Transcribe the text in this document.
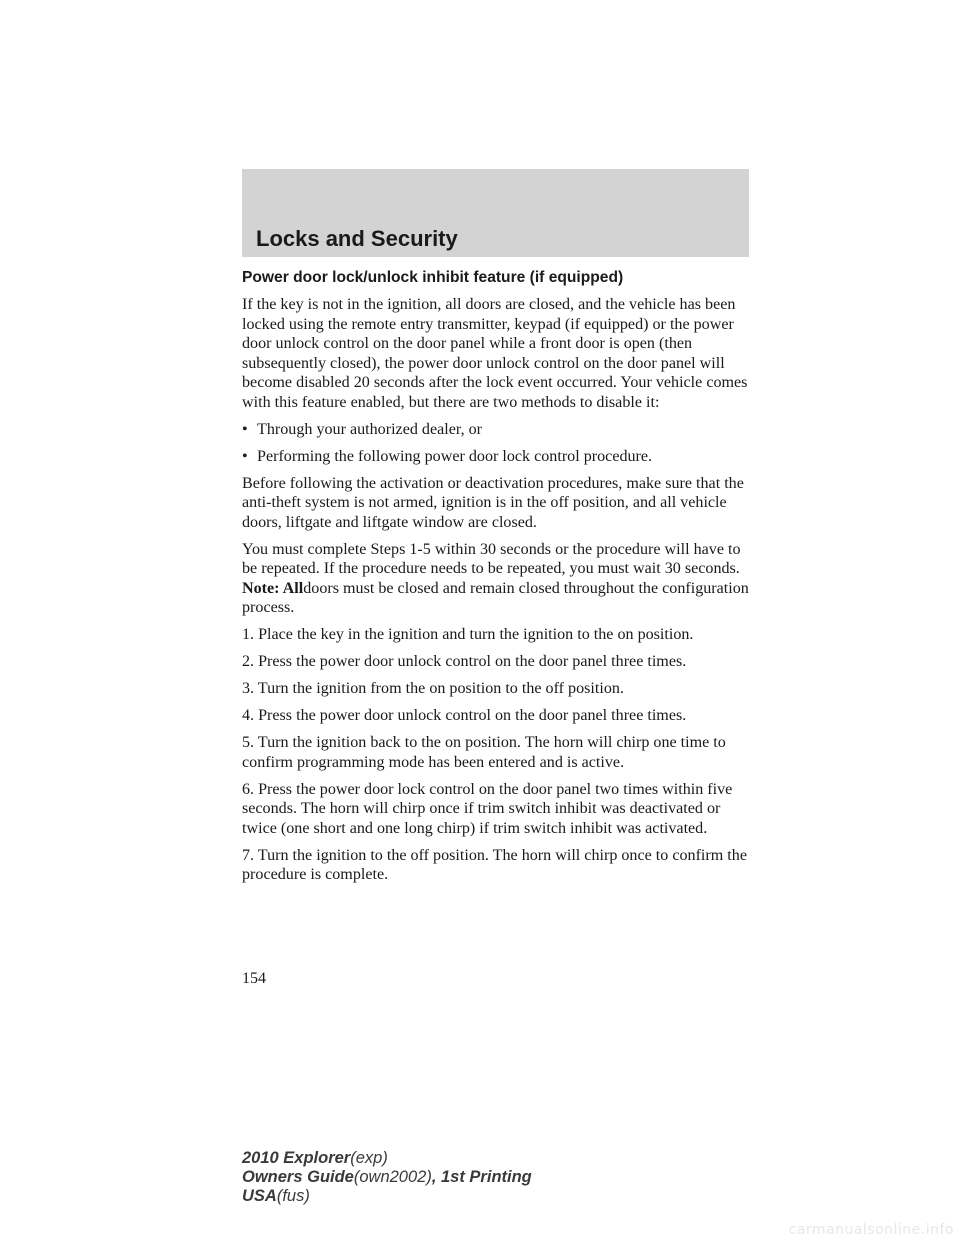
Locks and Security

Power door lock/unlock inhibit feature (if equipped)

If the key is not in the ignition, all doors are closed, and the vehicle has been locked using the remote entry transmitter, keypad (if equipped) or the power door unlock control on the door panel while a front door is open (then subsequently closed), the power door unlock control on the door panel will become disabled 20 seconds after the lock event occurred. Your vehicle comes with this feature enabled, but there are two methods to disable it:

• Through your authorized dealer, or
• Performing the following power door lock control procedure.

Before following the activation or deactivation procedures, make sure that the anti-theft system is not armed, ignition is in the off position, and all vehicle doors, liftgate and liftgate window are closed.

You must complete Steps 1-5 within 30 seconds or the procedure will have to be repeated. If the procedure needs to be repeated, you must wait 30 seconds. Note: Alldoors must be closed and remain closed throughout the configuration process.

1. Place the key in the ignition and turn the ignition to the on position.

2. Press the power door unlock control on the door panel three times.

3. Turn the ignition from the on position to the off position.

4. Press the power door unlock control on the door panel three times.

5. Turn the ignition back to the on position. The horn will chirp one time to confirm programming mode has been entered and is active.

6. Press the power door lock control on the door panel two times within five seconds. The horn will chirp once if trim switch inhibit was deactivated or twice (one short and one long chirp) if trim switch inhibit was activated.

7. Turn the ignition to the off position. The horn will chirp once to confirm the procedure is complete.

154
2010 Explorer(exp)
Owners Guide(own2002), 1st Printing
USA(fus)
carmanualsonline.info
